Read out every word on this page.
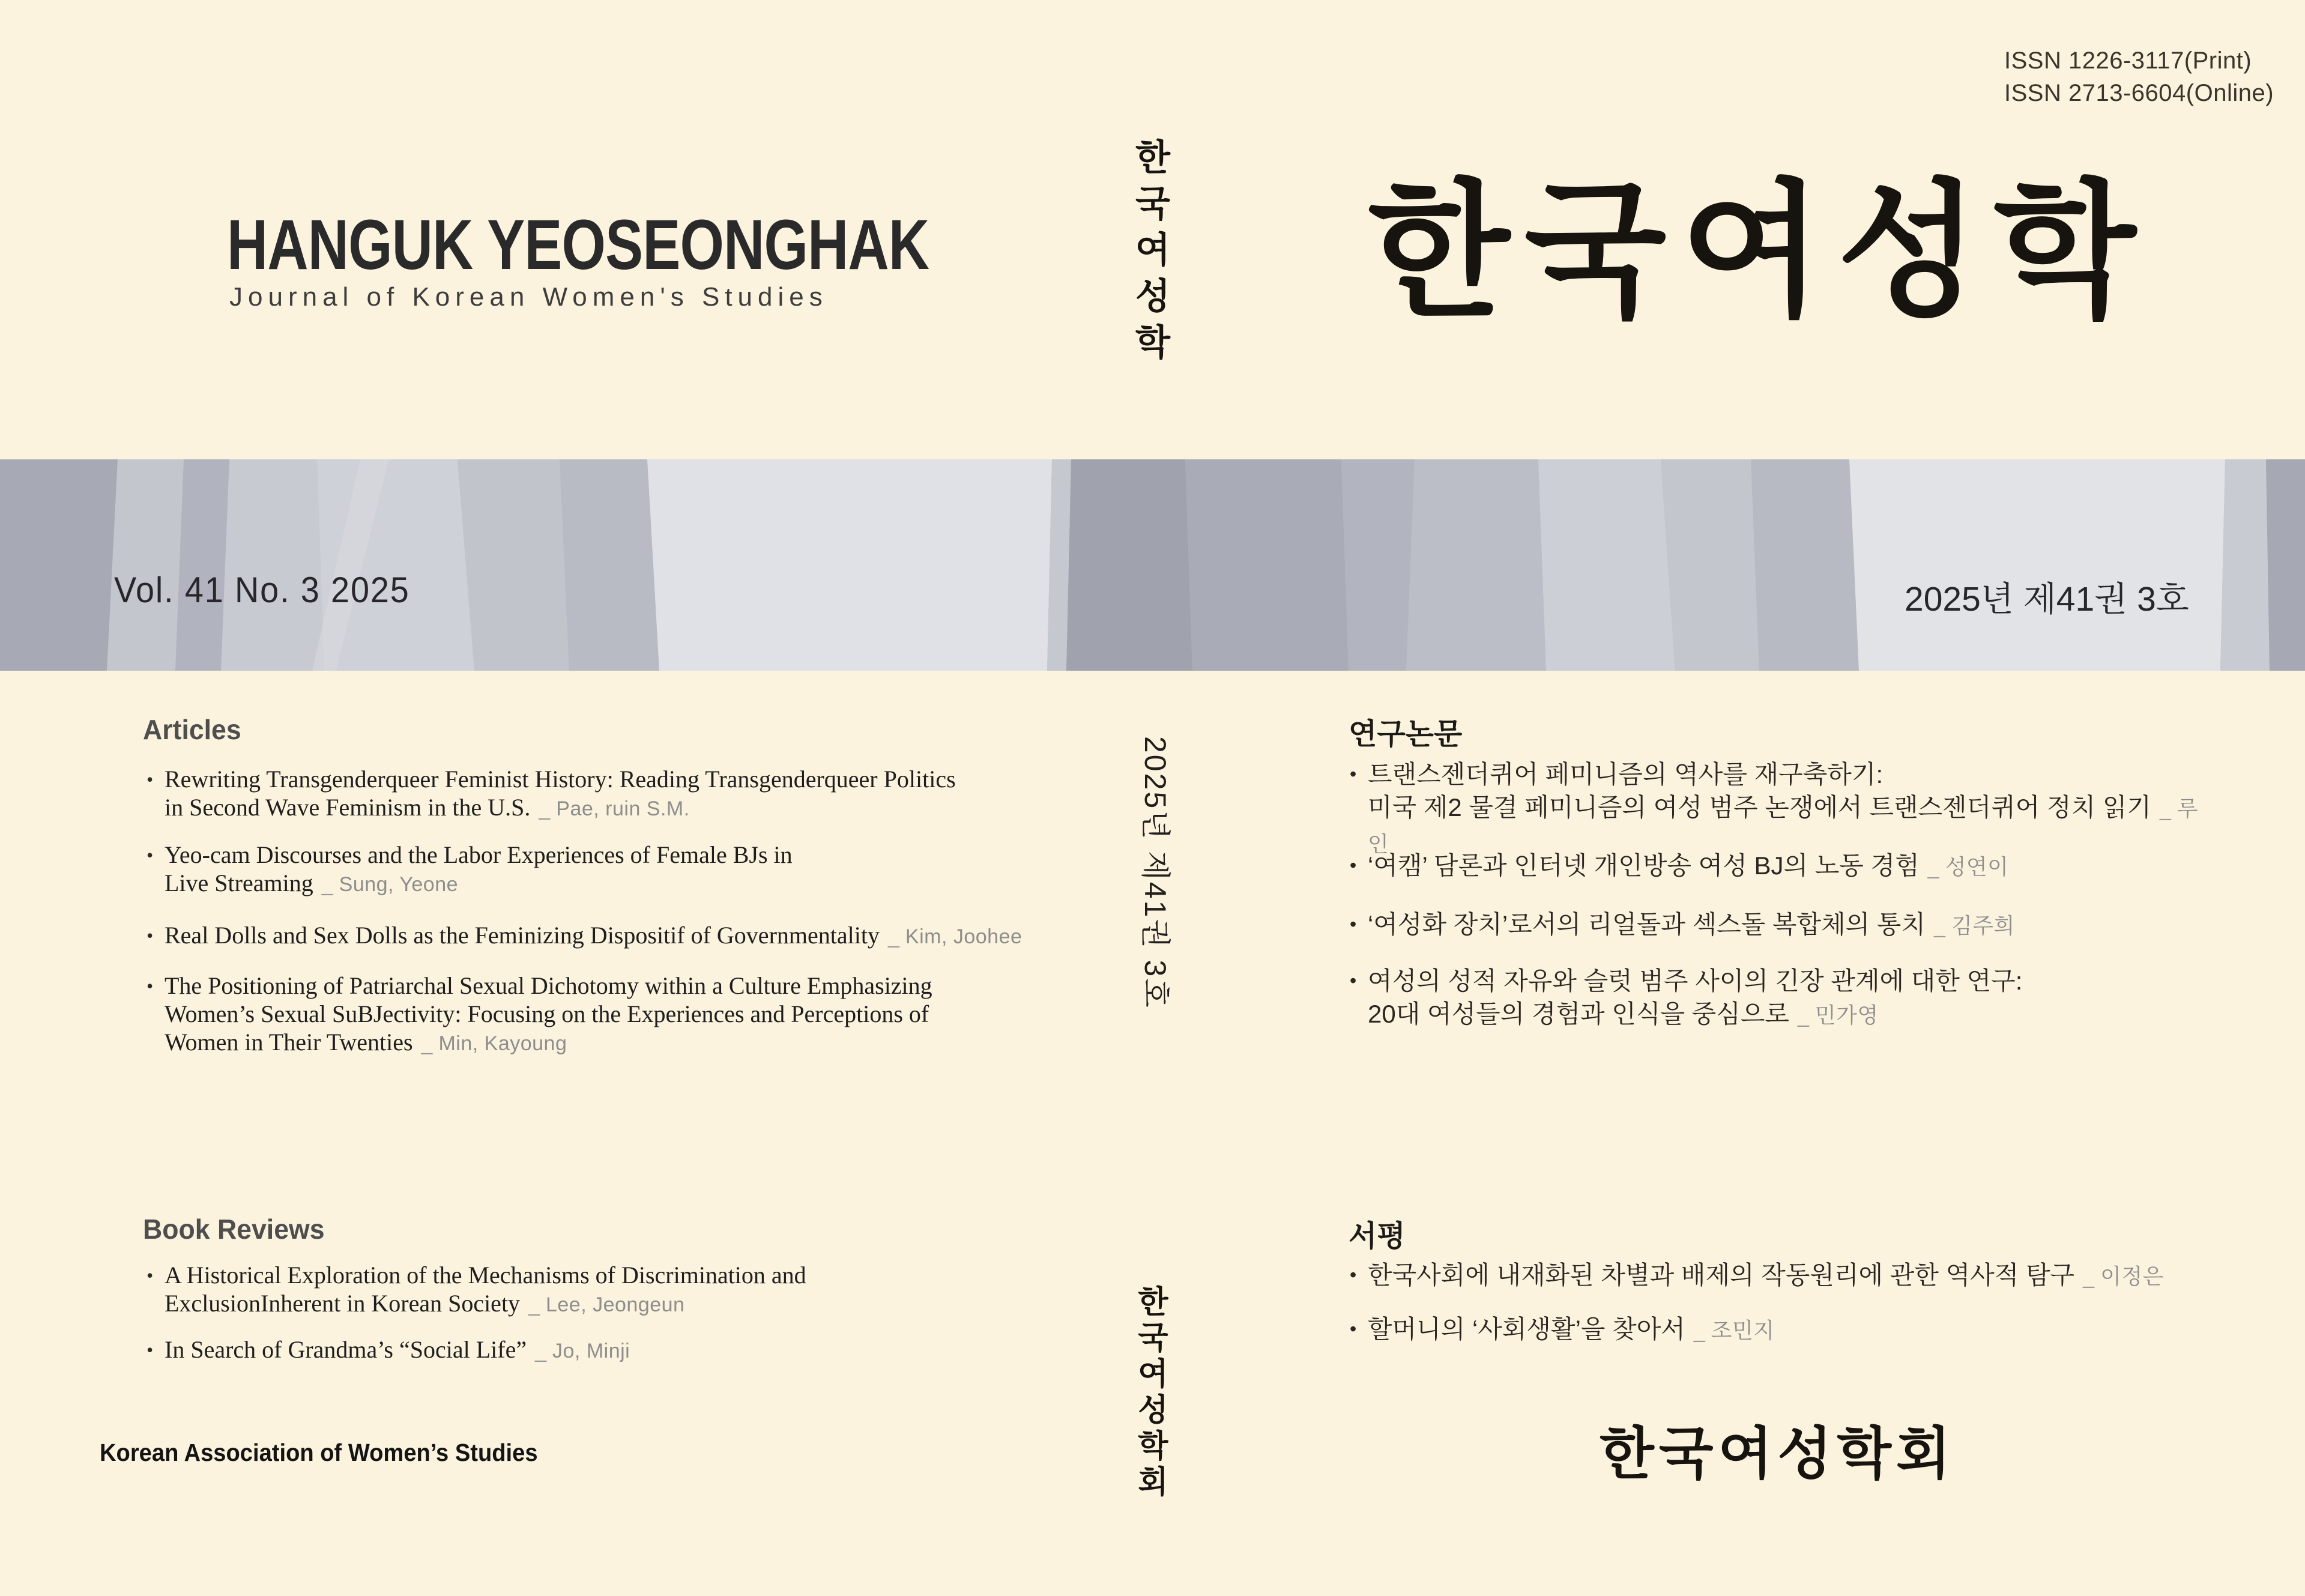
ISSN 1226-3117(Print)
ISSN 2713-6604(Online)
HANGUK YEOSEONGHAK
Journal of Korean Women's Studies	한국여성학 한국여성학
Vol. 41 No. 3 2025	2025년 제41권 3호
2025년 제41권 3호
Articles
• Rewriting Transgenderqueer Feminist History: Reading Transgenderqueer Politics
in Second Wave Feminism in the U.S. _ Pae, ruin S.M.
• Yeo-cam Discourses and the Labor Experiences of Female BJs in
Live Streaming _ Sung, Yeone
• Real Dolls and Sex Dolls as the Feminizing Dispositif of Governmentality _ Kim, Joohee
• The Positioning of Patriarchal Sexual Dichotomy within a Culture Emphasizing
Women’s Sexual SuBJectivity: Focusing on the Experiences and Perceptions of
Women in Their Twenties _ Min, Kayoung
Book Reviews
• A Historical Exploration of the Mechanisms of Discrimination and
ExclusionInherent in Korean Society _ Lee, Jeongeun
• In Search of Grandma’s “Social Life” _ Jo, Minji
Korean Association of Women’s Studies
연구논문
• 트랜스젠더퀴어 페미니즘의 역사를 재구축하기:
미국 제2 물결 페미니즘의 여성 범주 논쟁에서 트랜스젠더퀴어 정치 읽기 _ 루인
• ‘여캠’ 담론과 인터넷 개인방송 여성 BJ의 노동 경험 _ 성연이
• ‘여성화 장치’로서의 리얼돌과 섹스돌 복합체의 통치 _ 김주희
• 여성의 성적 자유와 슬럿 범주 사이의 긴장 관계에 대한 연구:
20대 여성들의 경험과 인식을 중심으로 _ 민가영
서평
• 한국사회에 내재화된 차별과 배제의 작동원리에 관한 역사적 탐구 _ 이정은
• 할머니의 ‘사회생활’을 찾아서 _ 조민지
한국여성학회
한국여성학회
